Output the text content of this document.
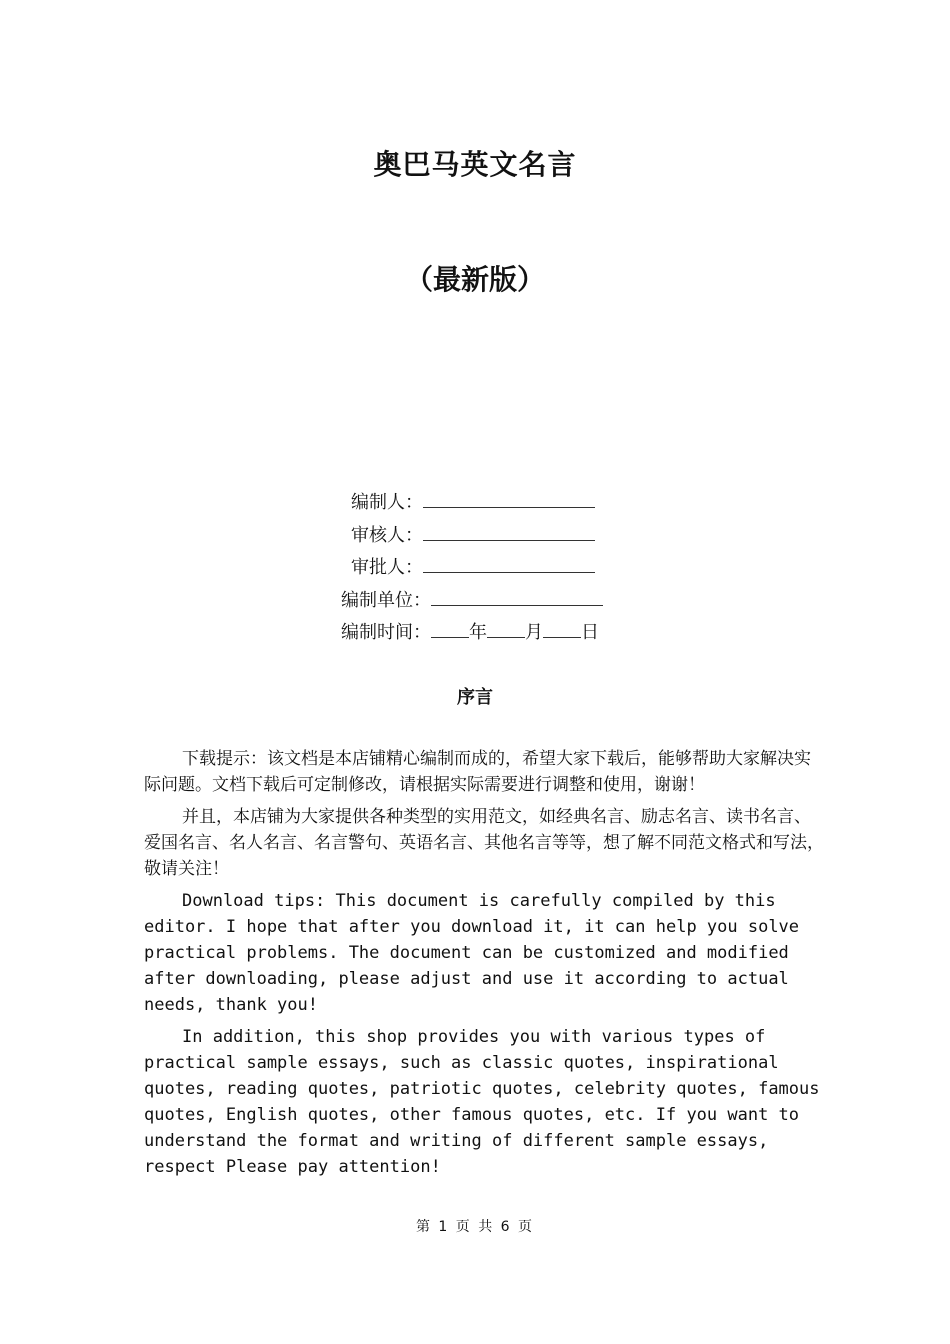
奥巴马英文名言
（最新版）
编制人：
审核人：
审批人：
编制单位：
编制时间： 年 月 日
序言

下载提示：该文档是本店铺精心编制而成的，希望大家下载后，能够帮助大家解决实际问题。文档下载后可定制修改，请根据实际需要进行调整和使用，谢谢！

并且，本店铺为大家提供各种类型的实用范文，如经典名言、励志名言、读书名言、爱国名言、名人名言、名言警句、英语名言、其他名言等等，想了解不同范文格式和写法，敬请关注！

Download tips: This document is carefully compiled by this editor. I hope that after you download it, it can help you solve practical problems. The document can be customized and modified after downloading, please adjust and use it according to actual needs, thank you!

In addition, this shop provides you with various types of practical sample essays, such as classic quotes, inspirational quotes, reading quotes, patriotic quotes, celebrity quotes, famous quotes, English quotes, other famous quotes, etc. If you want to understand the format and writing of different sample essays, respect Please pay attention!

第 1 页 共 6 页
